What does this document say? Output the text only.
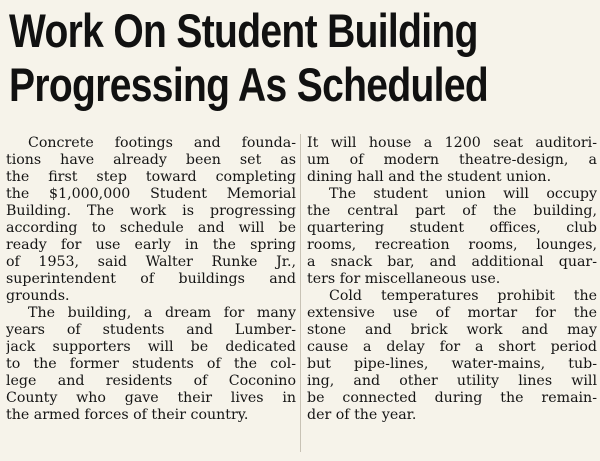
Work On Student Building
Progressing As Scheduled
Concrete footings and founda-
tions have already been set as
the first step toward completing
the $1,000,000 Student Memorial
Building. The work is progressing
according to schedule and will be
ready for use early in the spring
of 1953, said Walter Runke Jr.,
superintendent of buildings and
grounds.
The building, a dream for many
years of students and Lumber-
jack supporters will be dedicated
to the former students of the col-
lege and residents of Coconino
County who gave their lives in
the armed forces of their country.
It will house a 1200 seat auditori-
um of modern theatre-design, a
dining hall and the student union.
The student union will occupy
the central part of the building,
quartering student offices, club
rooms, recreation rooms, lounges,
a snack bar, and additional quar-
ters for miscellaneous use.
Cold temperatures prohibit the
extensive use of mortar for the
stone and brick work and may
cause a delay for a short period
but pipe-lines, water-mains, tub-
ing, and other utility lines will
be connected during the remain-
der of the year.
